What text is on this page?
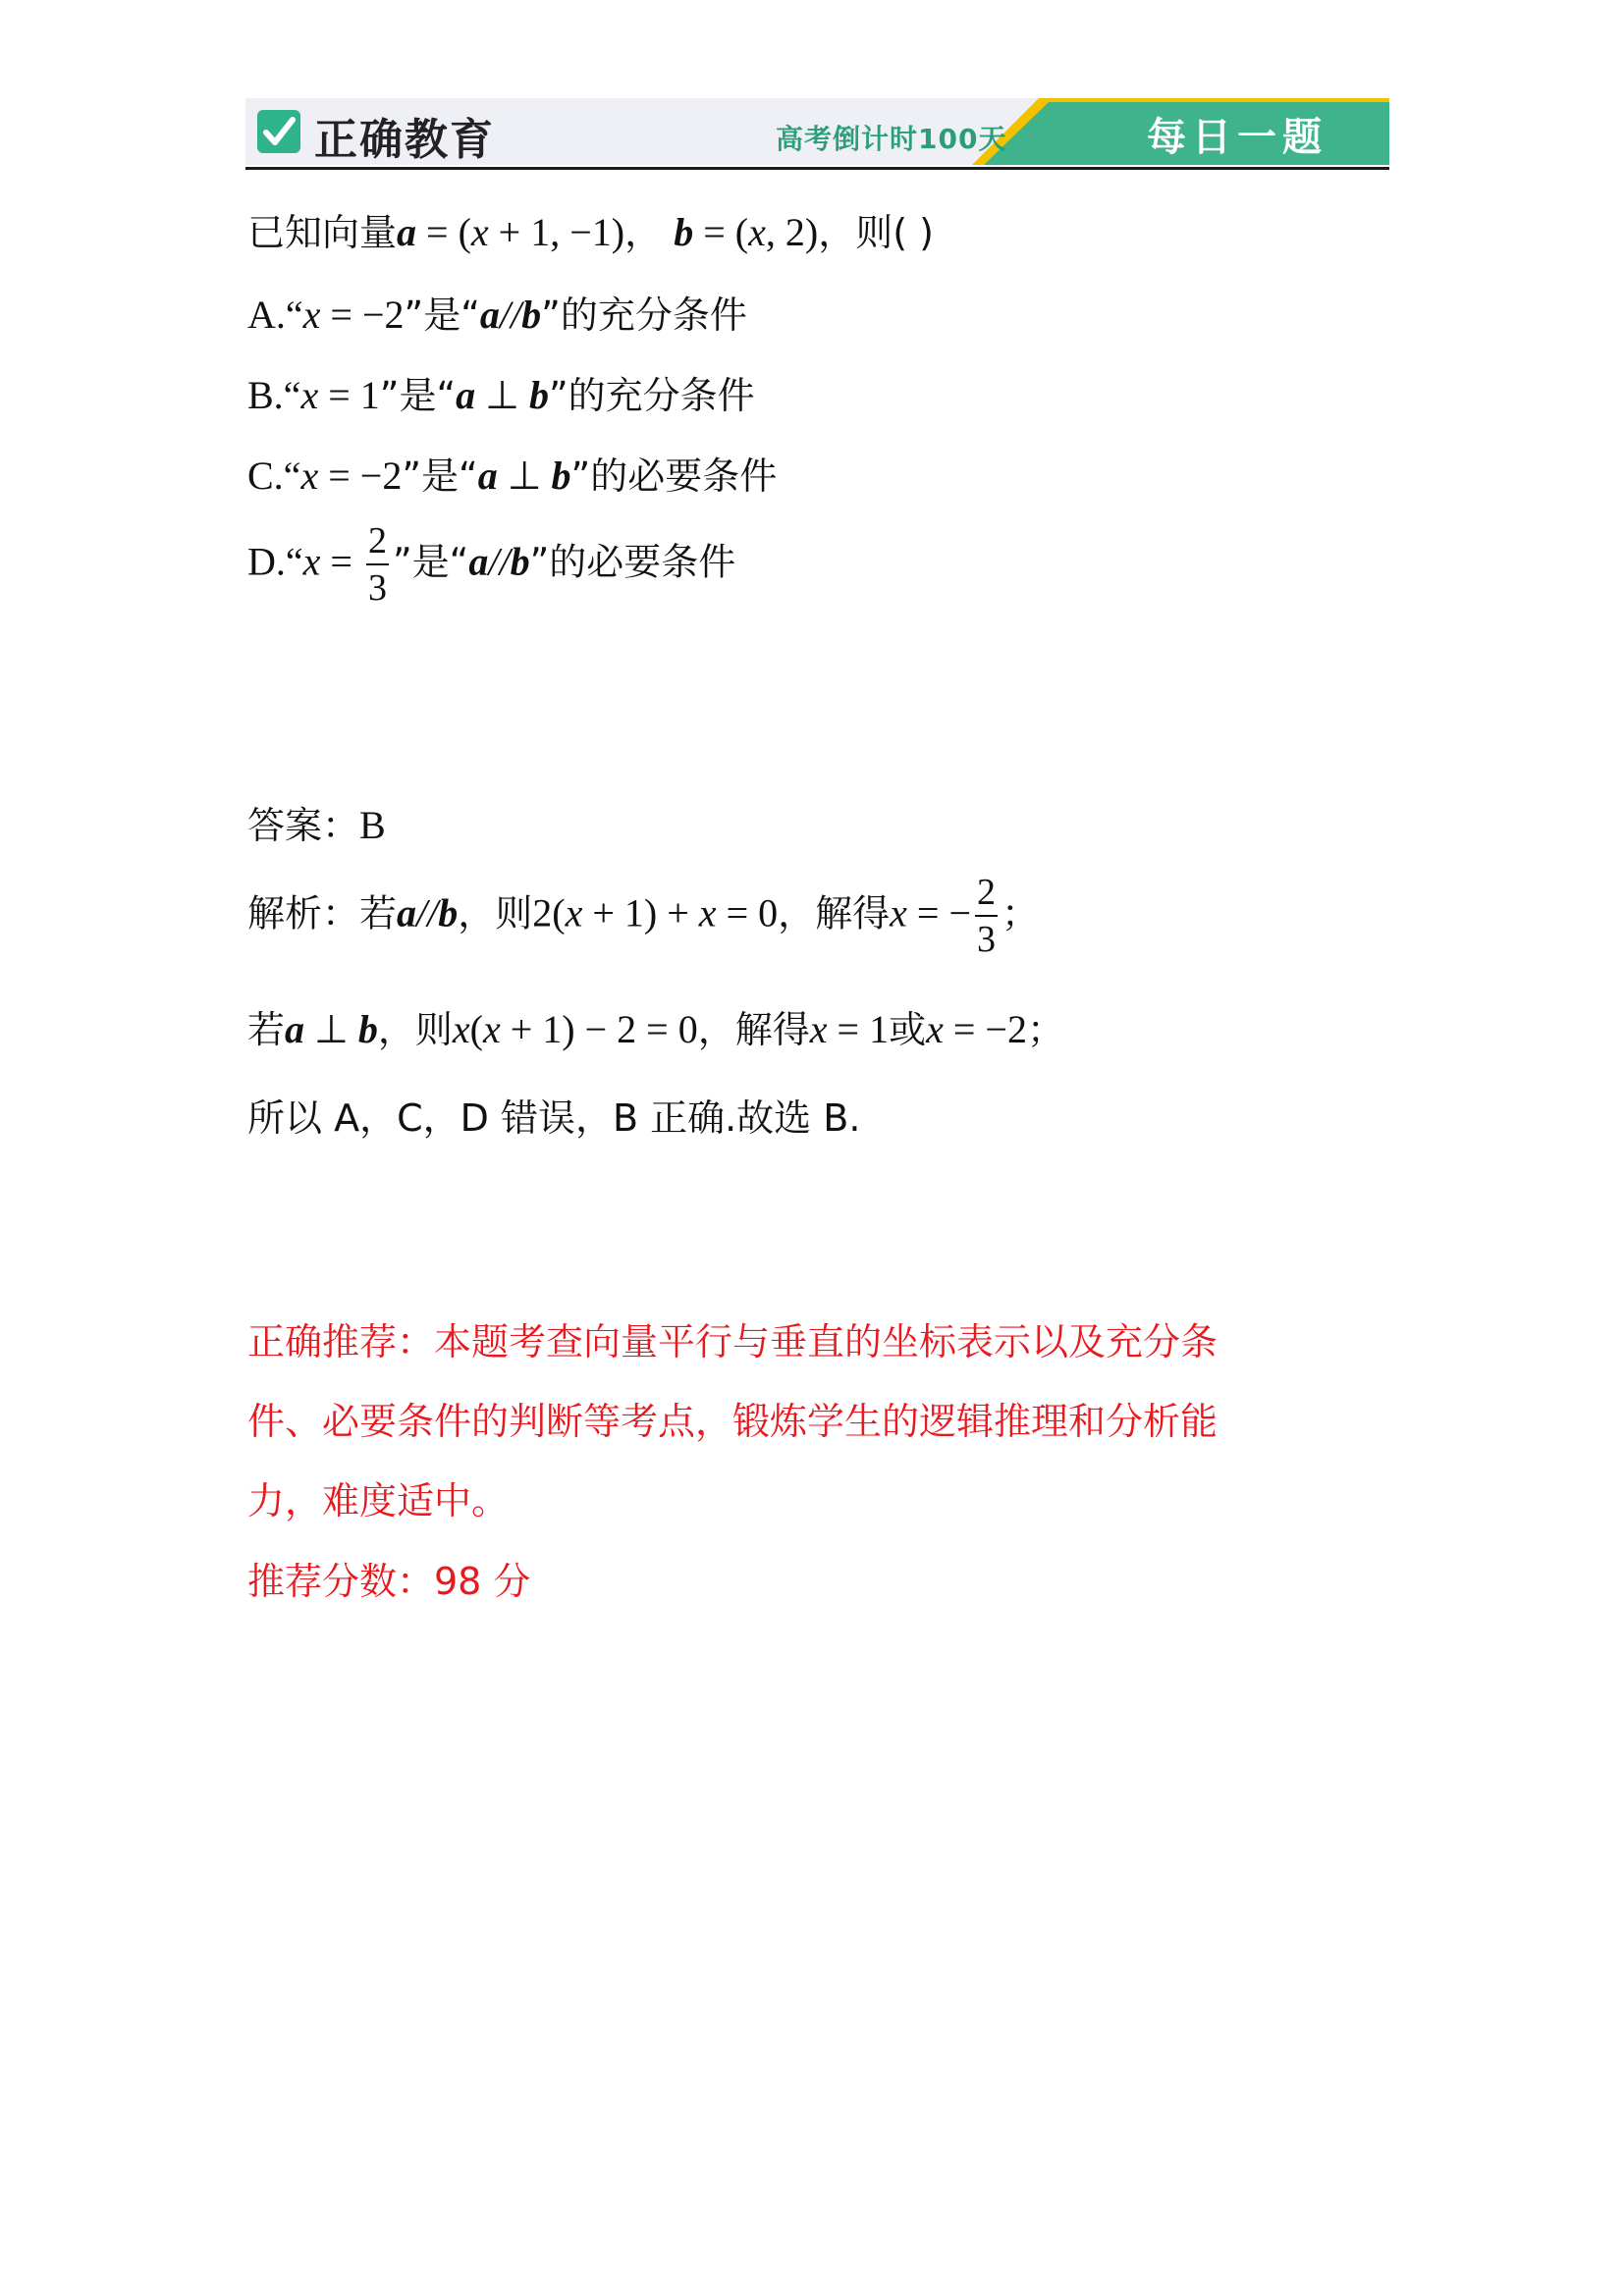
正确教育	高考倒计时100天	每日一题
已知向量a = (x + 1, −1)， b = (x, 2)，则( )
A.“x = −2”是“a//b”的充分条件
B.“x = 1”是“a ⊥ b”的充分条件
C.“x = −2”是“a ⊥ b”的必要条件
D.“x = $\frac{2}{3}$ ”是“a//b”的必要条件
答案：B
解析：若a//b，则2(x + 1) + x = 0，解得x = − $\frac{2}{3}$ ；
若a ⊥ b，则x(x + 1) − 2 = 0，解得x = 1或x = −2；
所以 A，C，D 错误，B 正确.故选 B.
正确推荐：本题考查向量平行与垂直的坐标表示以及充分条
件、必要条件的判断等考点，锻炼学生的逻辑推理和分析能
力，难度适中。
推荐分数：98 分
